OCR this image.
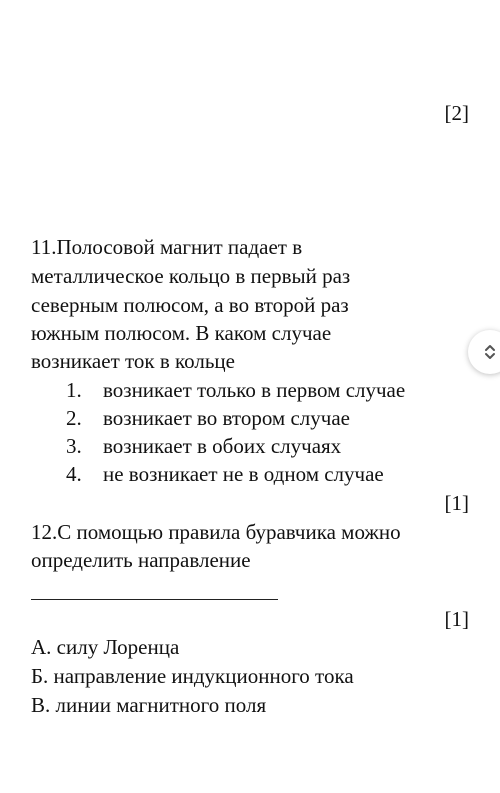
[2]
11.Полосовой магнит падает в
металлическое кольцо в первый раз
северным полюсом, а во второй раз
южным полюсом. В каком случае
возникает ток в кольце
1.	возникает только в первом случае
2.	возникает во втором случае
3.	возникает в обоих случаях
4.	не возникает не в одном случае
[1]
12.С помощью правила буравчика можно
определить направление
[1]
А. силу Лоренца
Б. направление индукционного тока
В. линии магнитного поля
